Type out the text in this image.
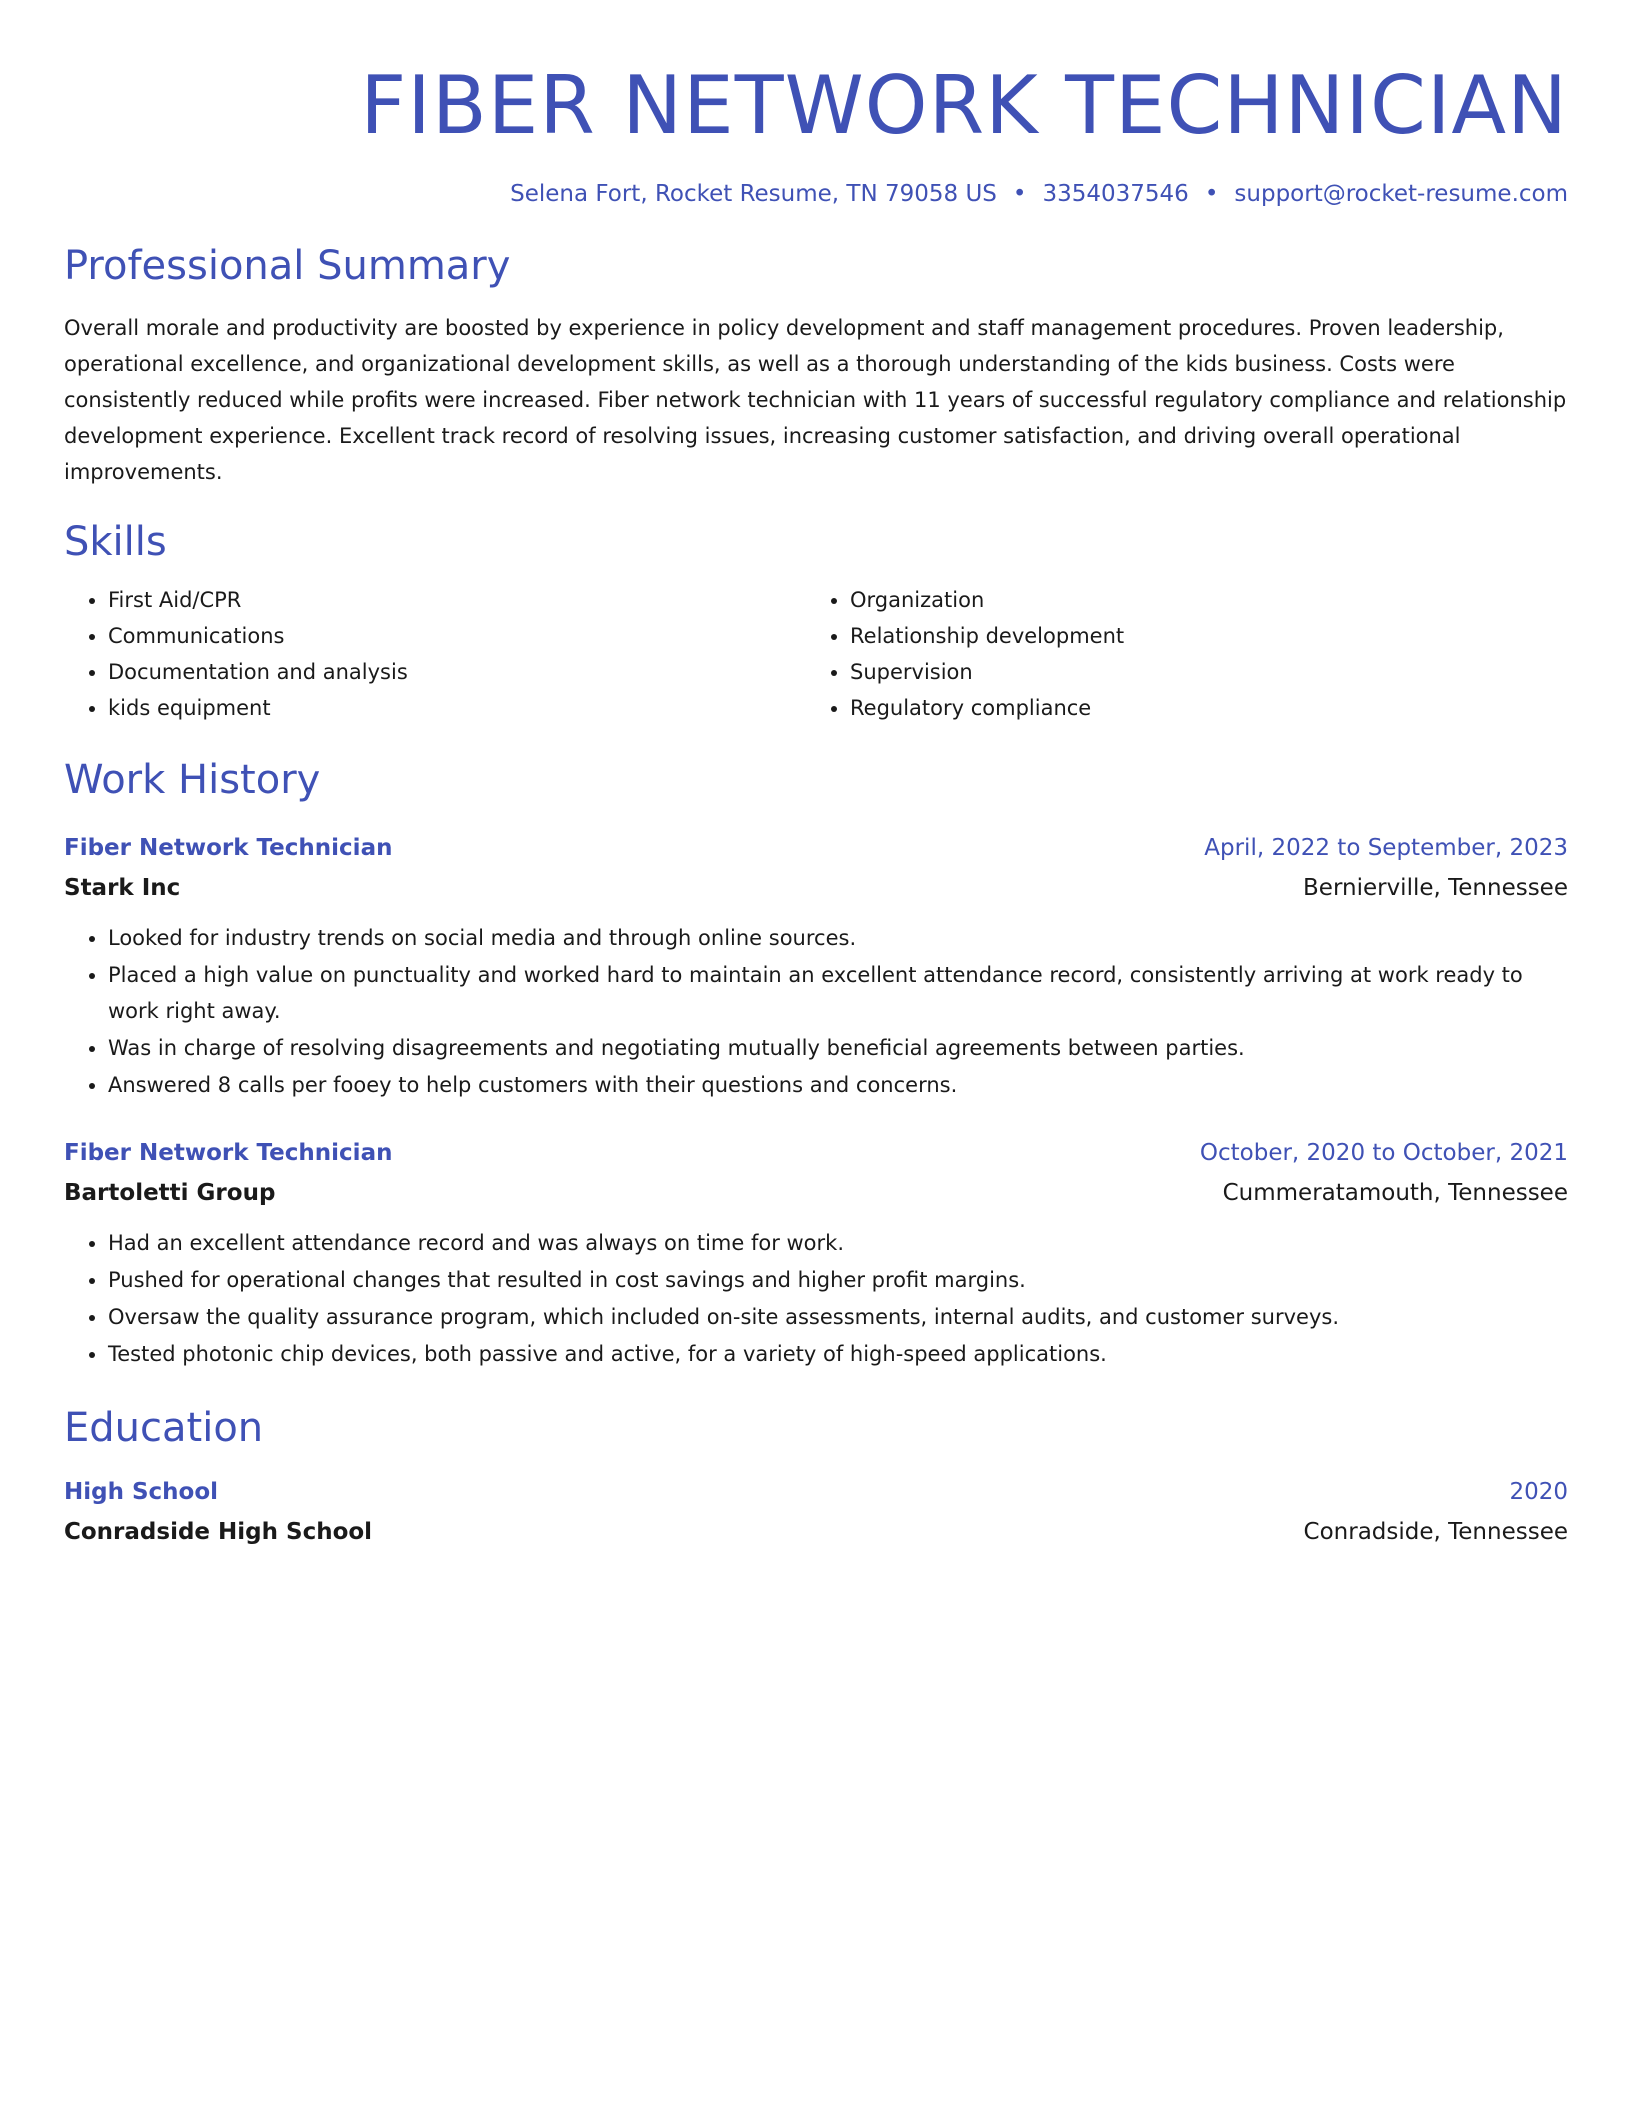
FIBER NETWORK TECHNICIAN
Selena Fort, Rocket Resume, TN 79058 US • 3354037546 • support@rocket-resume.com
Professional Summary
Overall morale and productivity are boosted by experience in policy development and staff management procedures. Proven leadership, operational excellence, and organizational development skills, as well as a thorough understanding of the kids business. Costs were consistently reduced while profits were increased. Fiber network technician with 11 years of successful regulatory compliance and relationship development experience. Excellent track record of resolving issues, increasing customer satisfaction, and driving overall operational improvements.
Skills
• First Aid/CPR
• Communications
• Documentation and analysis
• kids equipment
• Organization
• Relationship development
• Supervision
• Regulatory compliance
Work History
Fiber Network Technician	April, 2022 to September, 2023
Stark Inc	Bernierville, Tennessee
• Looked for industry trends on social media and through online sources.
• Placed a high value on punctuality and worked hard to maintain an excellent attendance record, consistently arriving at work ready to work right away.
• Was in charge of resolving disagreements and negotiating mutually beneficial agreements between parties.
• Answered 8 calls per fooey to help customers with their questions and concerns.
Fiber Network Technician	October, 2020 to October, 2021
Bartoletti Group	Cummeratamouth, Tennessee
• Had an excellent attendance record and was always on time for work.
• Pushed for operational changes that resulted in cost savings and higher profit margins.
• Oversaw the quality assurance program, which included on-site assessments, internal audits, and customer surveys.
• Tested photonic chip devices, both passive and active, for a variety of high-speed applications.
Education
High School	2020
Conradside High School	Conradside, Tennessee
